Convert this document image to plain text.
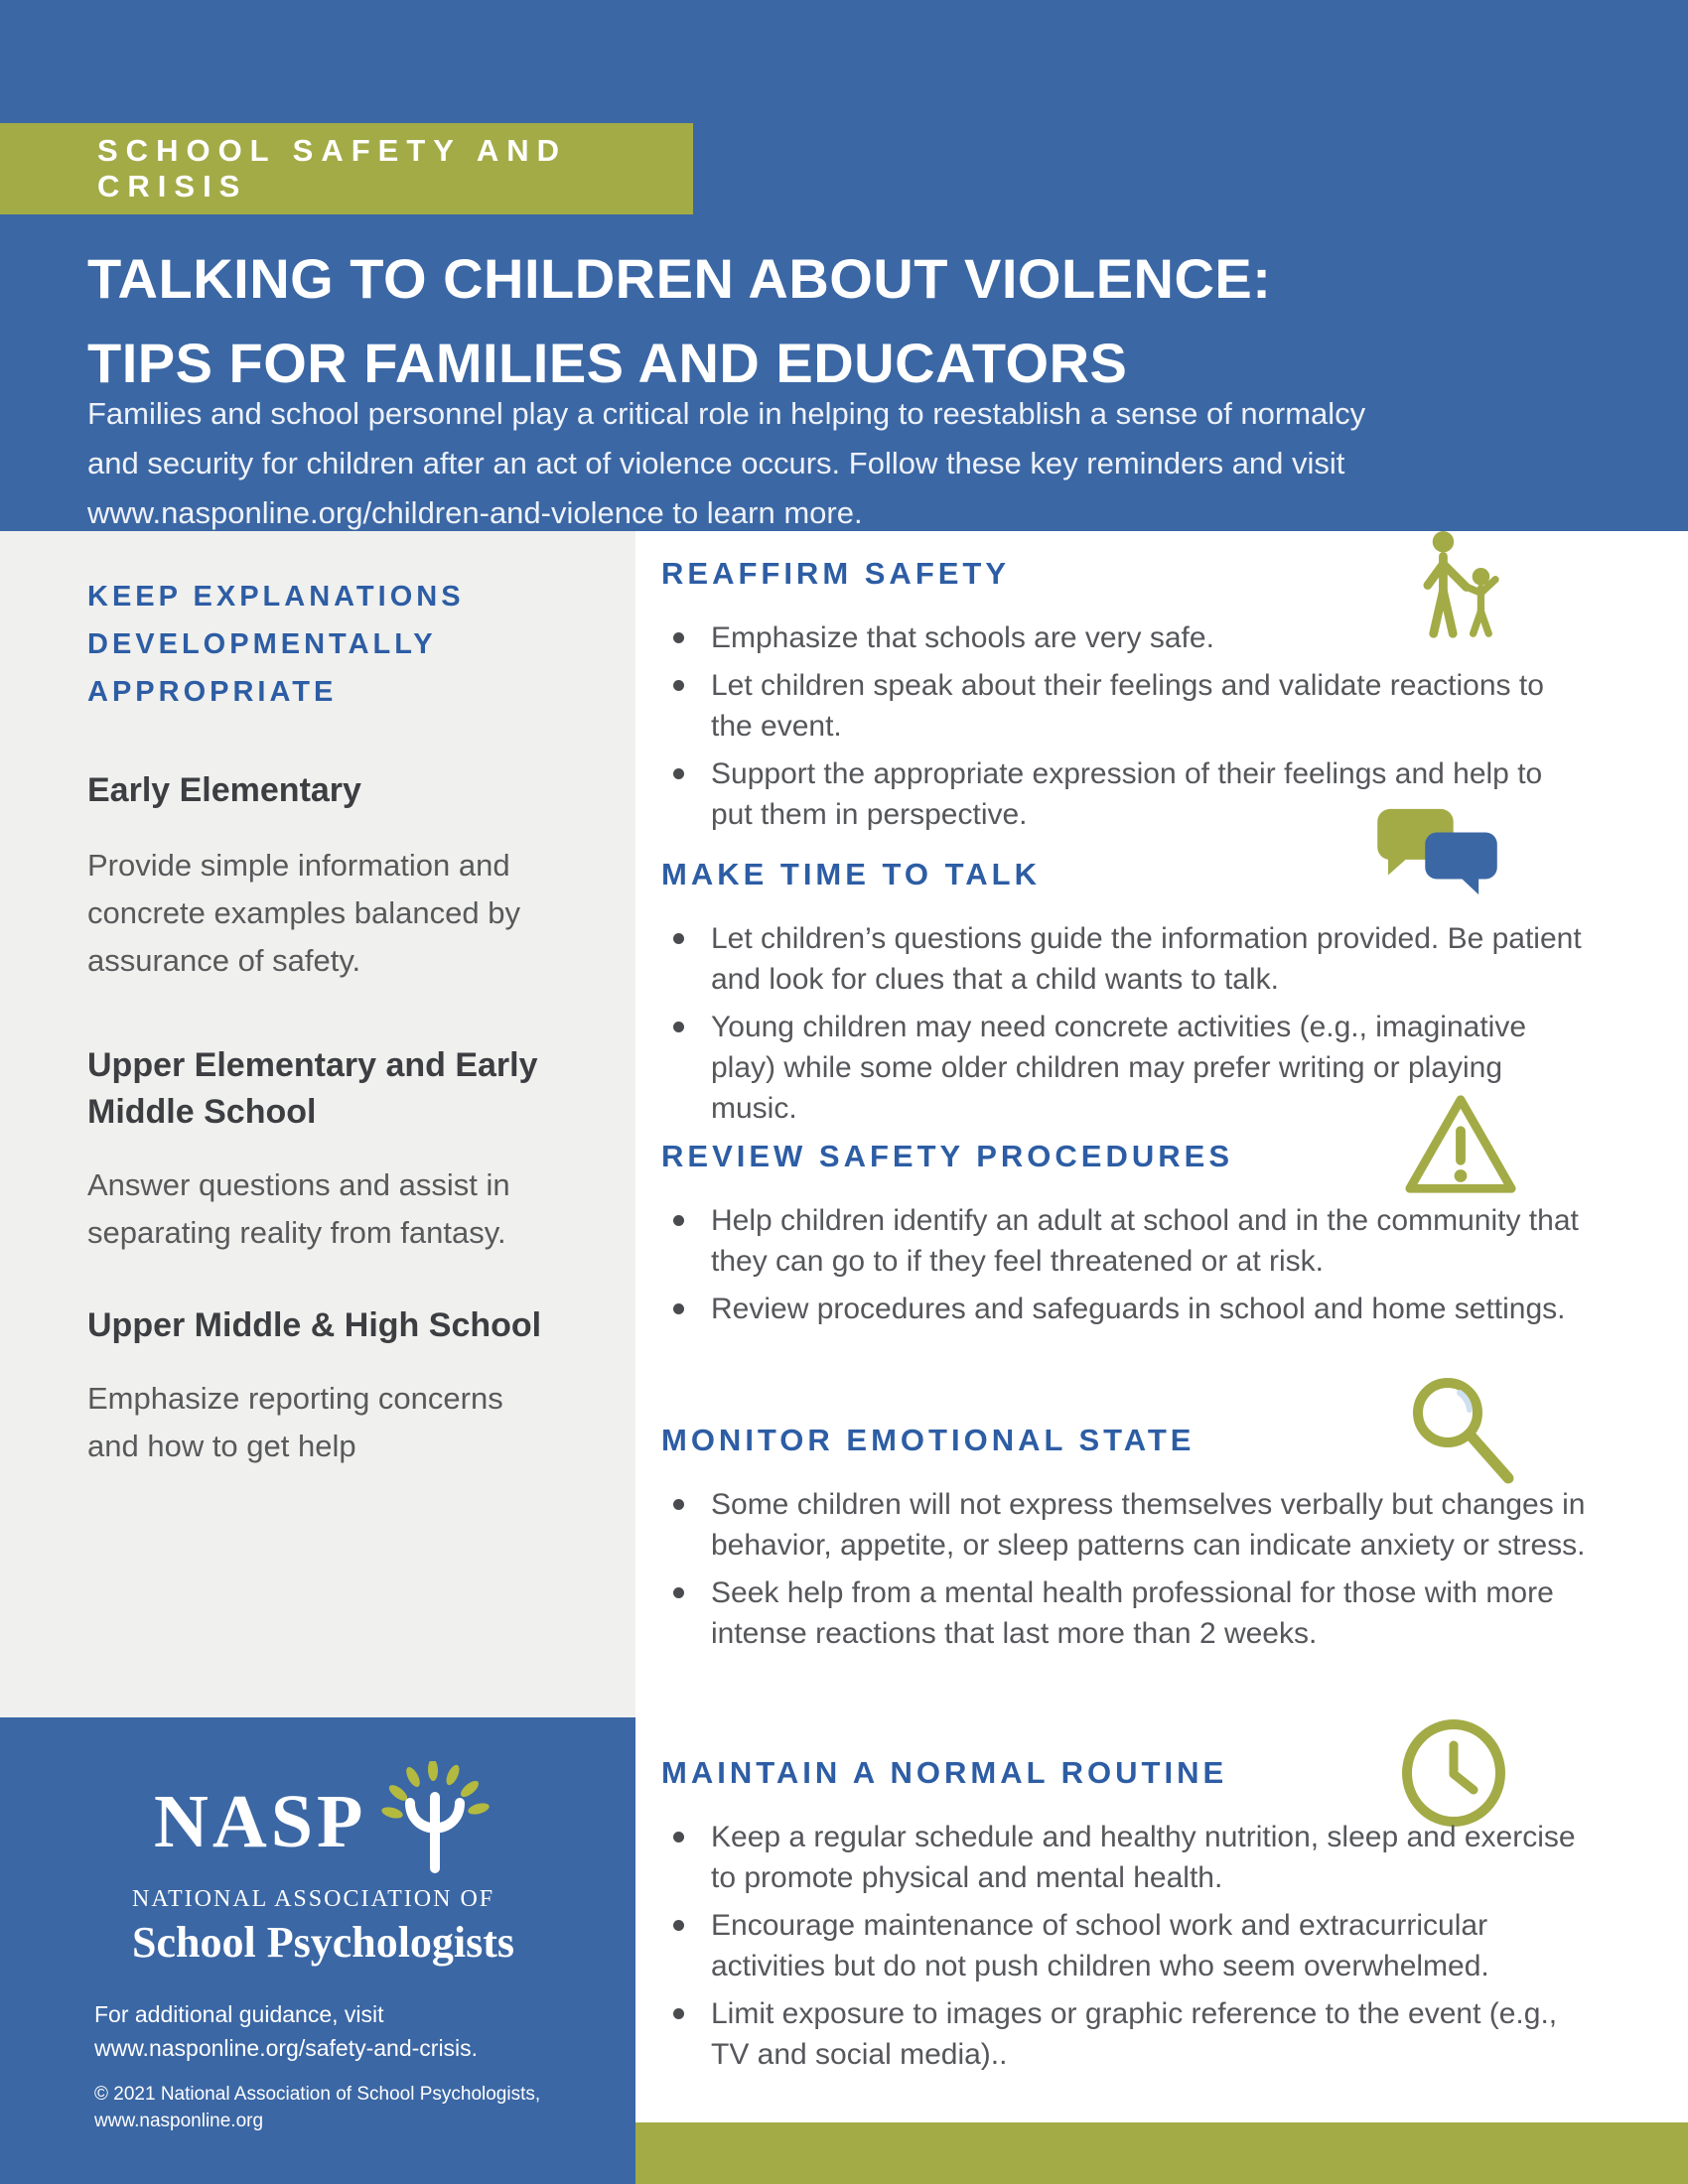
SCHOOL SAFETY AND CRISIS
TALKING TO CHILDREN ABOUT VIOLENCE:
TIPS FOR FAMILIES AND EDUCATORS
Families and school personnel play a critical role in helping to reestablish a sense of normalcy and security for children after an act of violence occurs. Follow these key reminders and visit www.nasponline.org/children-and-violence to learn more.
KEEP EXPLANATIONS DEVELOPMENTALLY APPROPRIATE
Early Elementary
Provide simple information and concrete examples balanced by assurance of safety.
Upper Elementary and Early Middle School
Answer questions and assist in separating reality from fantasy.
Upper Middle & High School
Emphasize reporting concerns and how to get help
NASP
NATIONAL ASSOCIATION OF
School Psychologists
For additional guidance, visit www.nasponline.org/safety-and-crisis.
© 2021 National Association of School Psychologists, www.nasponline.org
REAFFIRM SAFETY
Emphasize that schools are very safe.
Let children speak about their feelings and validate reactions to the event.
Support the appropriate expression of their feelings and help to put them in perspective.
MAKE TIME TO TALK
Let children’s questions guide the information provided. Be patient and look for clues that a child wants to talk.
Young children may need concrete activities (e.g., imaginative play) while some older children may prefer writing or playing music.
REVIEW SAFETY PROCEDURES
Help children identify an adult at school and in the community that they can go to if they feel threatened or at risk.
Review procedures and safeguards in school and home settings.
MONITOR EMOTIONAL STATE
Some children will not express themselves verbally but changes in behavior, appetite, or sleep patterns can indicate anxiety or stress.
Seek help from a mental health professional for those with more intense reactions that last more than 2 weeks.
MAINTAIN A NORMAL ROUTINE
Keep a regular schedule and healthy nutrition, sleep and exercise to promote physical and mental health.
Encourage maintenance of school work and extracurricular activities but do not push children who seem overwhelmed.
Limit exposure to images or graphic reference to the event (e.g., TV and social media)..
